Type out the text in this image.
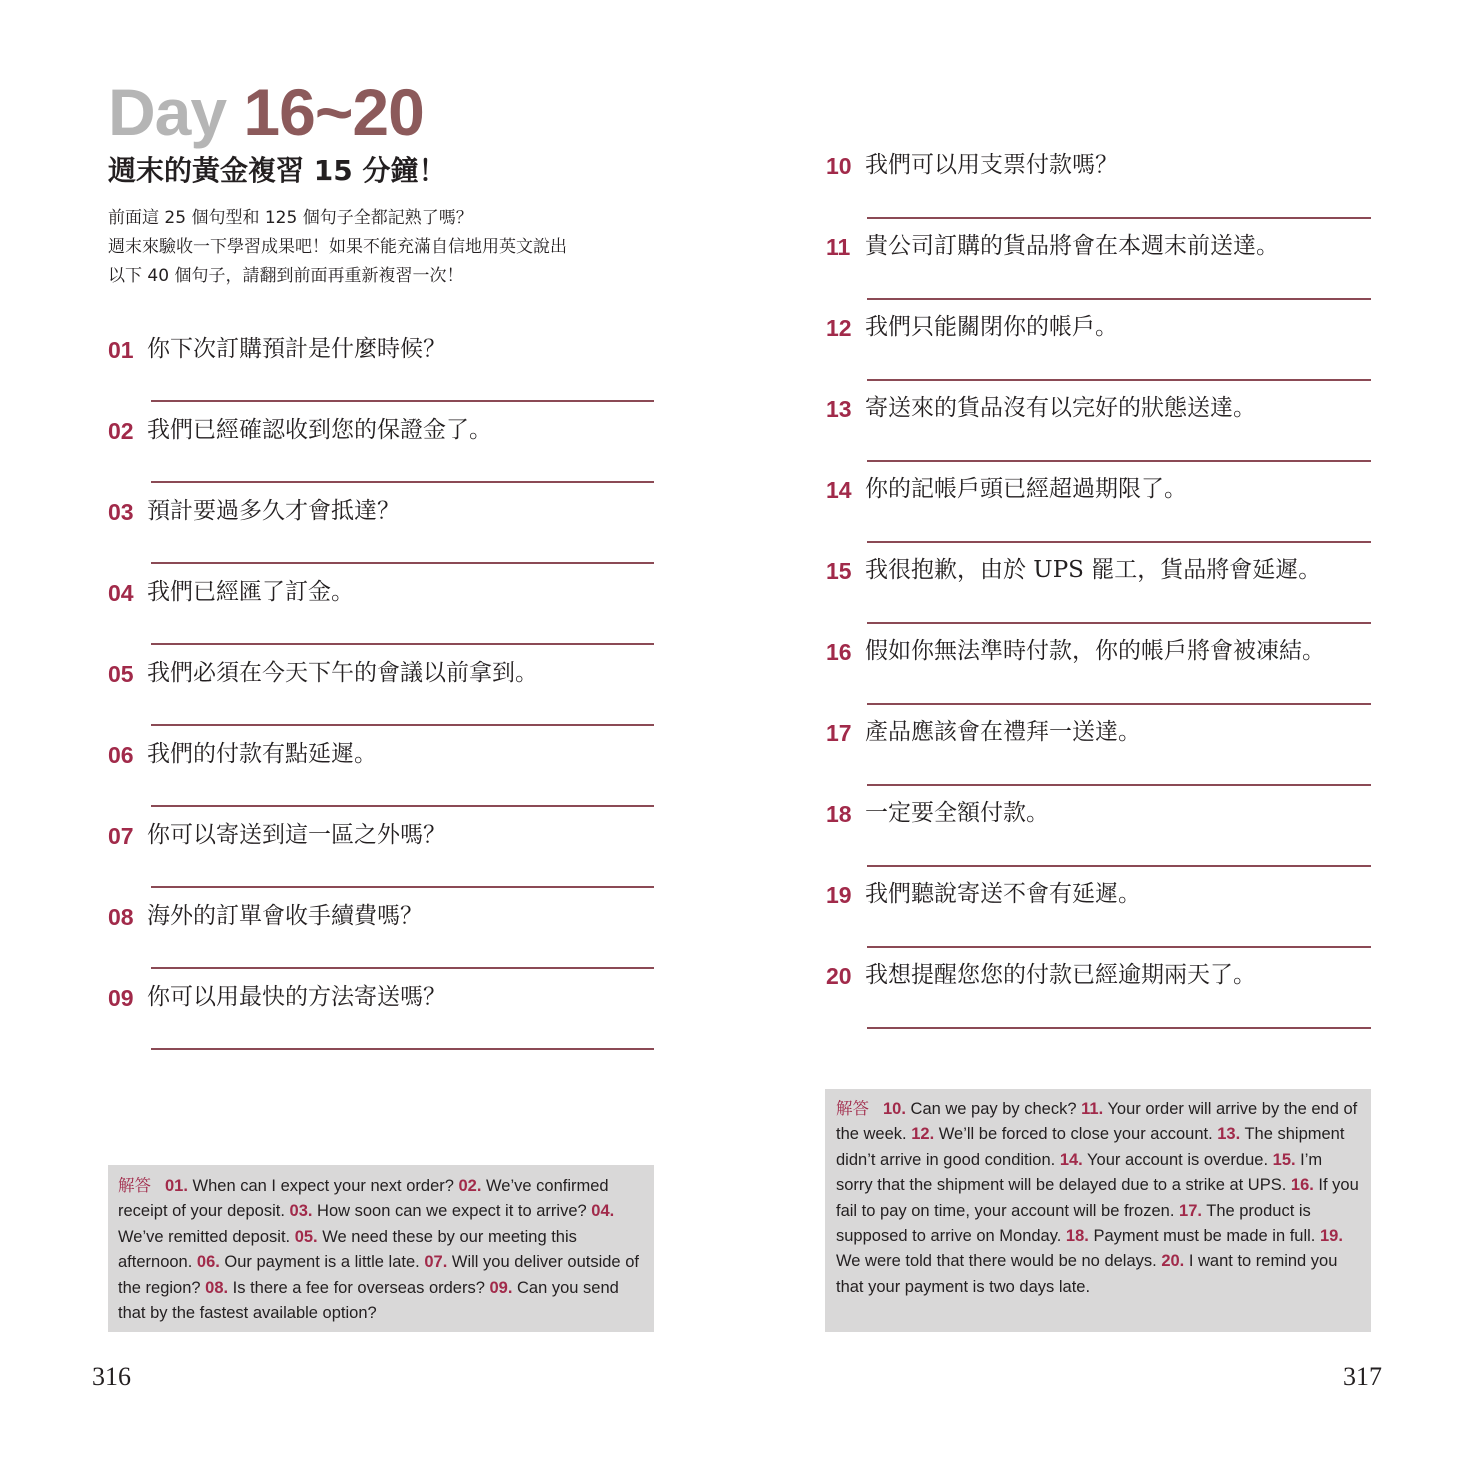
Day 16~20
週末的黃金複習 15 分鐘！
前面這 25 個句型和 125 個句子全都記熟了嗎？
週末來驗收一下學習成果吧！如果不能充滿自信地用英文說出
以下 40 個句子，請翻到前面再重新複習一次！
01 你下次訂購預計是什麼時候？
02 我們已經確認收到您的保證金了。
03 預計要過多久才會抵達？
04 我們已經匯了訂金。
05 我們必須在今天下午的會議以前拿到。
06 我們的付款有點延遲。
07 你可以寄送到這一區之外嗎？
08 海外的訂單會收手續費嗎？
09 你可以用最快的方法寄送嗎？
解答 01. When can I expect your next order? 02. We’ve confirmed receipt of your deposit. 03. How soon can we expect it to arrive? 04. We’ve remitted deposit. 05. We need these by our meeting this afternoon. 06. Our payment is a little late. 07. Will you deliver outside of the region? 08. Is there a fee for overseas orders? 09. Can you send that by the fastest available option?
316
10 我們可以用支票付款嗎？
11 貴公司訂購的貨品將會在本週末前送達。
12 我們只能關閉你的帳戶。
13 寄送來的貨品沒有以完好的狀態送達。
14 你的記帳戶頭已經超過期限了。
15 我很抱歉，由於 UPS 罷工，貨品將會延遲。
16 假如你無法準時付款，你的帳戶將會被凍結。
17 產品應該會在禮拜一送達。
18 一定要全額付款。
19 我們聽說寄送不會有延遲。
20 我想提醒您您的付款已經逾期兩天了。
解答 10. Can we pay by check? 11. Your order will arrive by the end of the week. 12. We’ll be forced to close your account. 13. The shipment didn’t arrive in good condition. 14. Your account is overdue. 15. I’m sorry that the shipment will be delayed due to a strike at UPS. 16. If you fail to pay on time, your account will be frozen. 17. The product is supposed to arrive on Monday. 18. Payment must be made in full. 19. We were told that there would be no delays. 20. I want to remind you that your payment is two days late.
317
